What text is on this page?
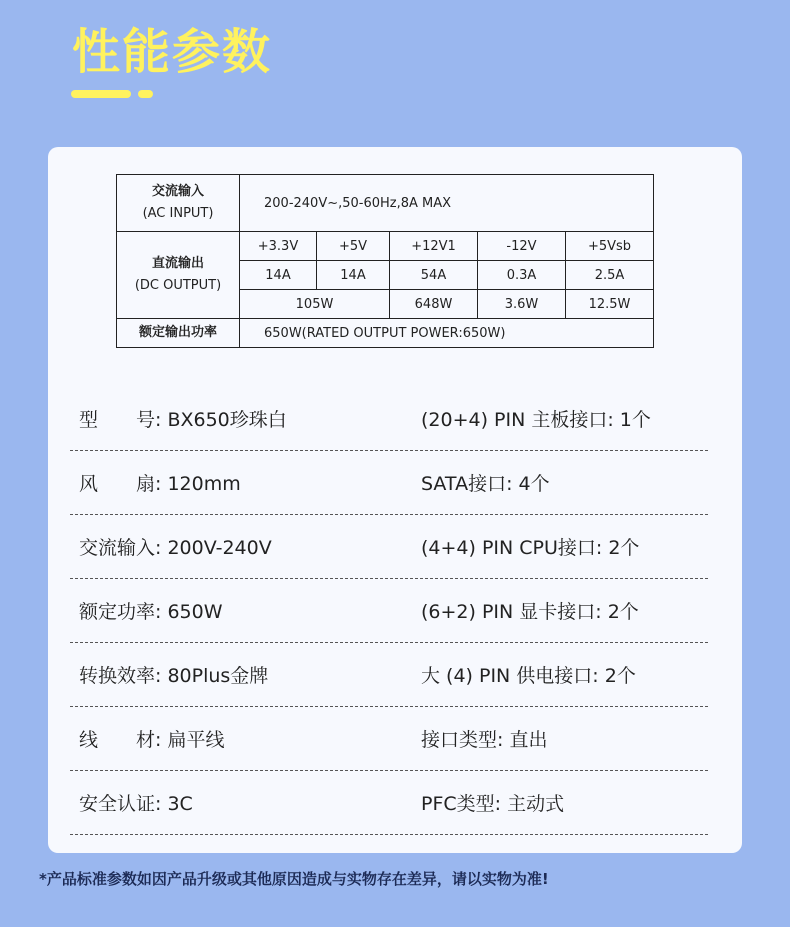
性能参数
交流输入
(AC INPUT)	200-240V~,50-60Hz,8A MAX				

直流输出
(DC OUTPUT)	+3.3V	+5V	+12V1	-12V	+5Vsb
	14A	14A	54A	0.3A	2.5A
	105W		648W	3.6W	12.5W
额定输出功率	650W(RATED OUTPUT POWER:650W)				
型　　号: BX650珍珠白	(20+4) PIN 主板接口: 1个
风　　扇: 120mm	SATA接口: 4个
交流输入: 200V-240V	(4+4) PIN CPU接口: 2个
额定功率: 650W	(6+2) PIN 显卡接口: 2个
转换效率: 80Plus金牌	大 (4) PIN 供电接口: 2个
线　　材: 扁平线	接口类型: 直出
安全认证: 3C	PFC类型: 主动式
*产品标准参数如因产品升级或其他原因造成与实物存在差异，请以实物为准!
